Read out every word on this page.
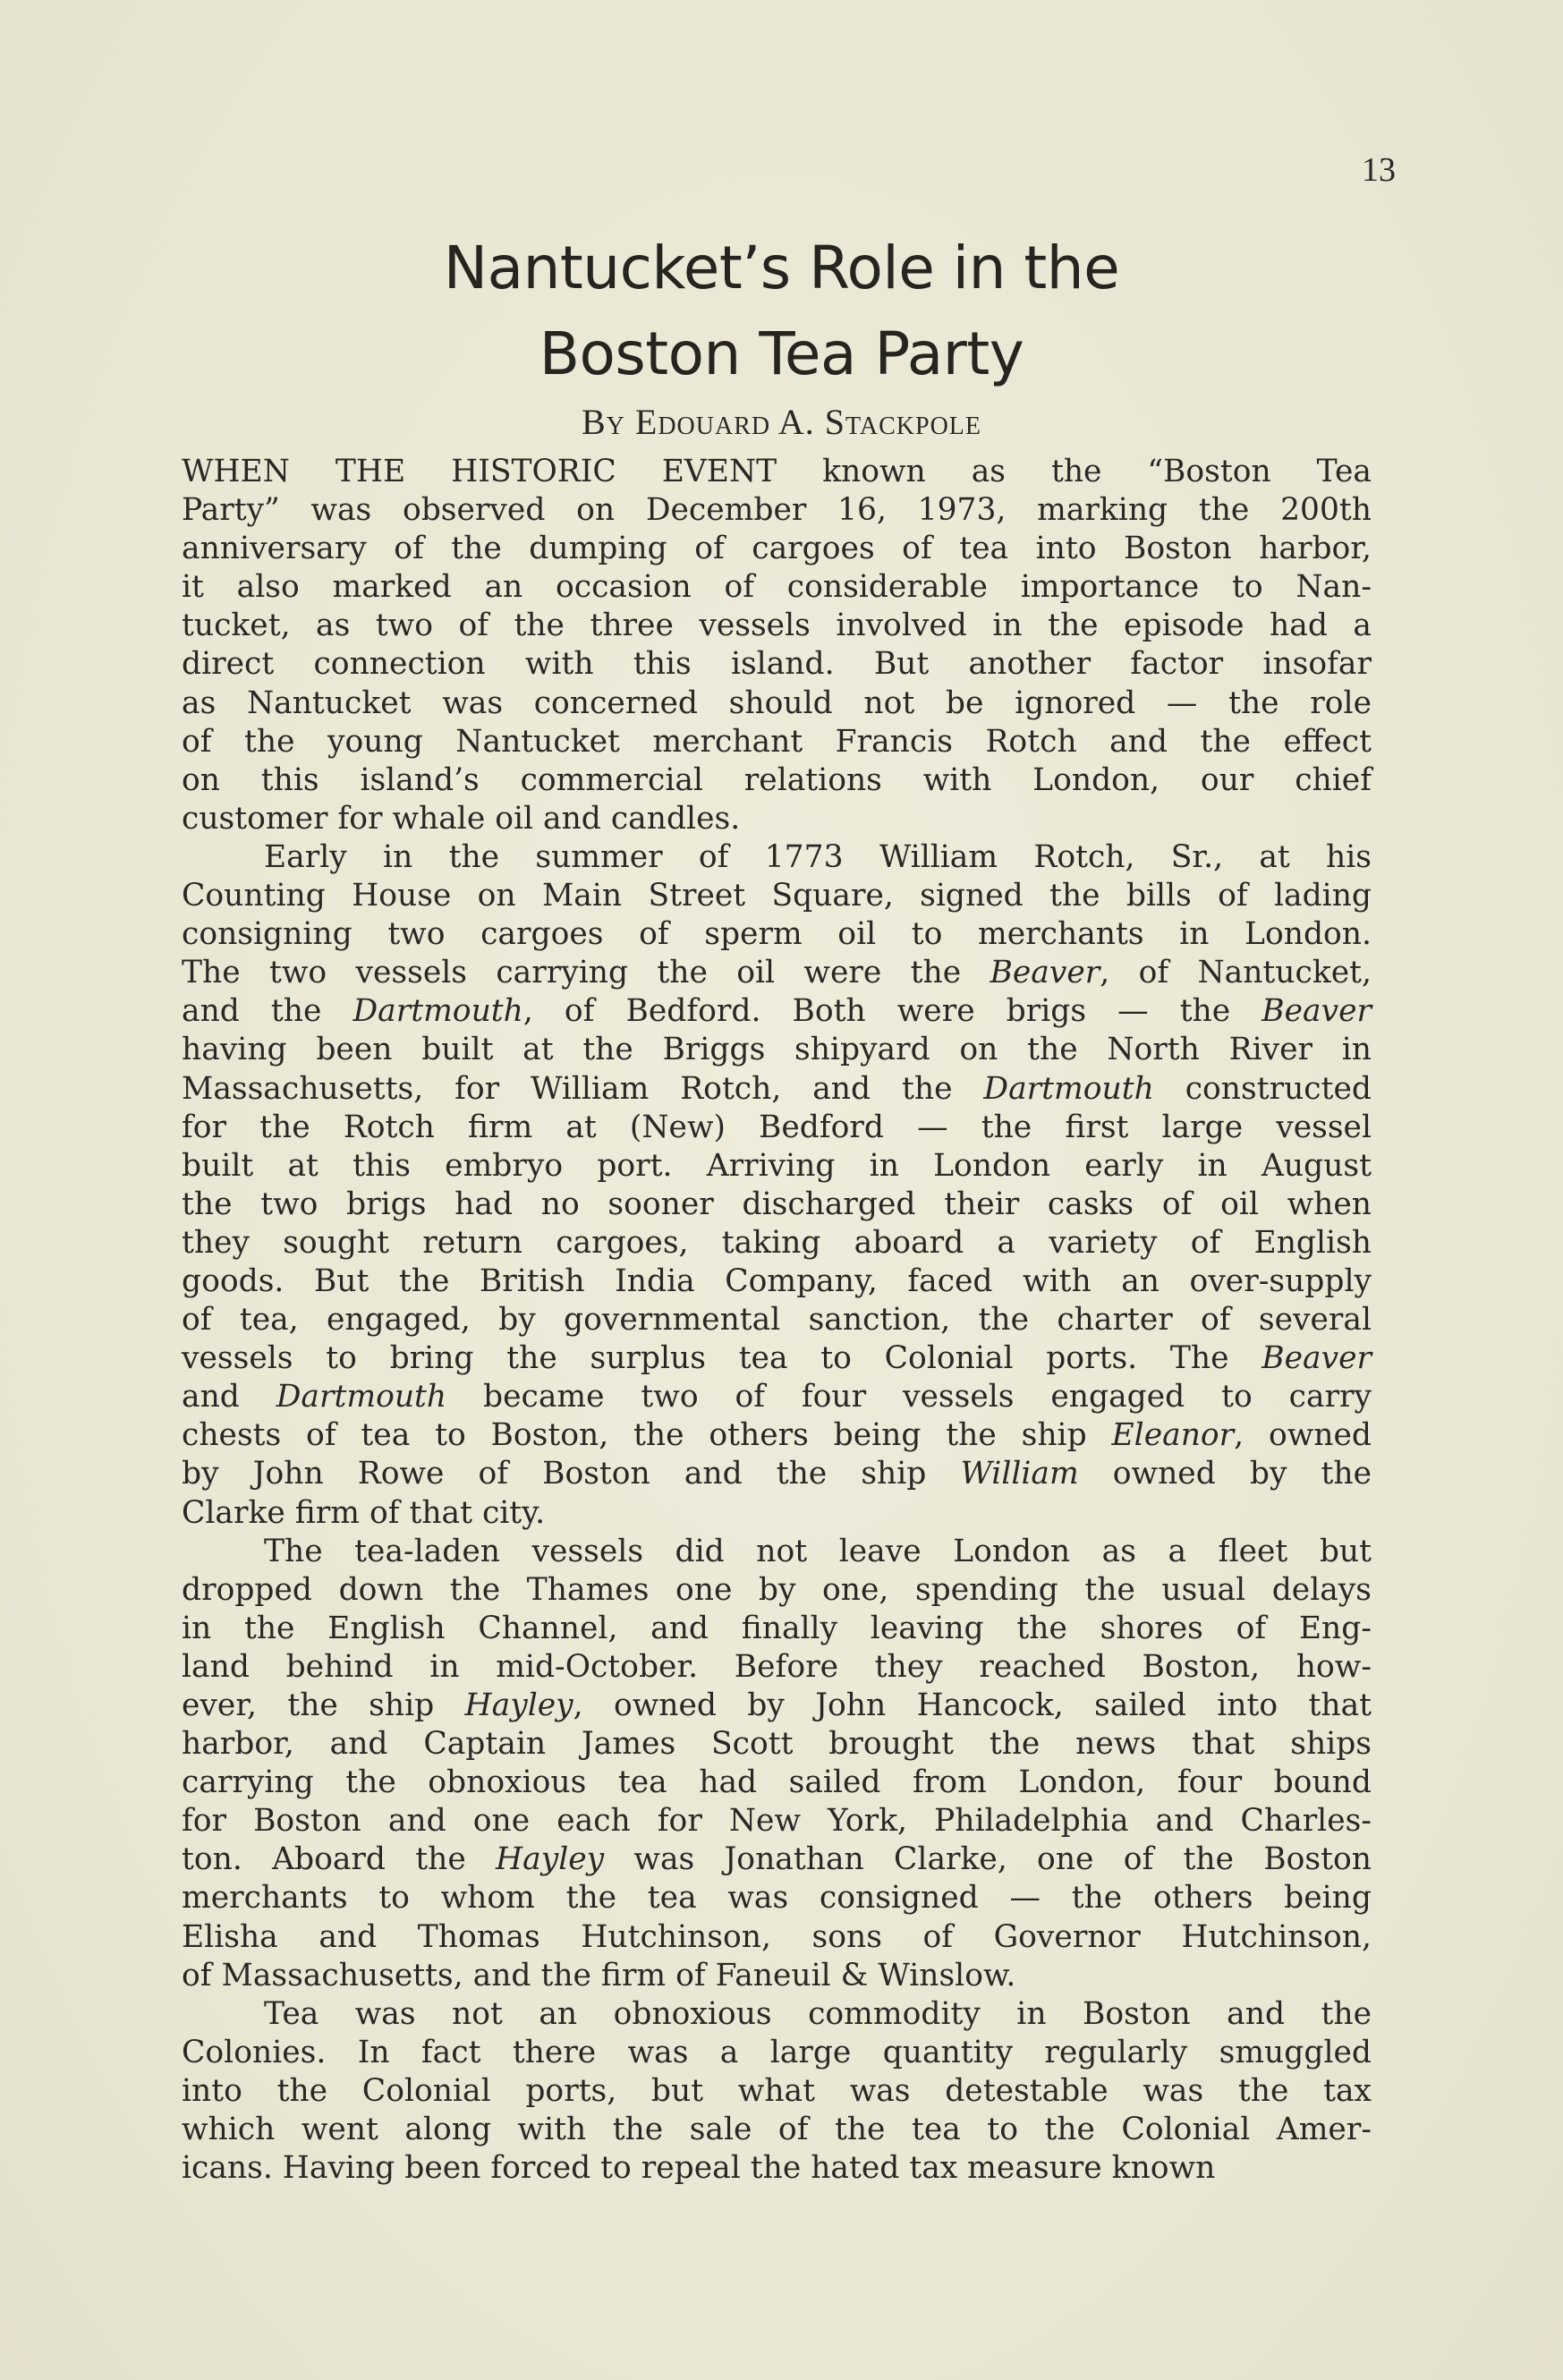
13
Nantucket’s Role in the
Boston Tea Party
By Edouard A. Stackpole

WHEN THE HISTORIC EVENT known as the “Boston Tea
Party” was observed on December 16, 1973, marking the 200th
anniversary of the dumping of cargoes of tea into Boston harbor,
it also marked an occasion of considerable importance to Nan-
tucket, as two of the three vessels involved in the episode had a
direct connection with this island. But another factor insofar
as Nantucket was concerned should not be ignored — the role
of the young Nantucket merchant Francis Rotch and the effect
on this island’s commercial relations with London, our chief
customer for whale oil and candles.

Early in the summer of 1773 William Rotch, Sr., at his
Counting House on Main Street Square, signed the bills of lading
consigning two cargoes of sperm oil to merchants in London.
The two vessels carrying the oil were the Beaver, of Nantucket,
and the Dartmouth, of Bedford. Both were brigs — the Beaver
having been built at the Briggs shipyard on the North River in
Massachusetts, for William Rotch, and the Dartmouth constructed
for the Rotch firm at (New) Bedford — the first large vessel
built at this embryo port. Arriving in London early in August
the two brigs had no sooner discharged their casks of oil when
they sought return cargoes, taking aboard a variety of English
goods. But the British India Company, faced with an over-supply
of tea, engaged, by governmental sanction, the charter of several
vessels to bring the surplus tea to Colonial ports. The Beaver
and Dartmouth became two of four vessels engaged to carry
chests of tea to Boston, the others being the ship Eleanor, owned
by John Rowe of Boston and the ship William owned by the
Clarke firm of that city.

The tea-laden vessels did not leave London as a fleet but
dropped down the Thames one by one, spending the usual delays
in the English Channel, and finally leaving the shores of Eng-
land behind in mid-October. Before they reached Boston, how-
ever, the ship Hayley, owned by John Hancock, sailed into that
harbor, and Captain James Scott brought the news that ships
carrying the obnoxious tea had sailed from London, four bound
for Boston and one each for New York, Philadelphia and Charles-
ton. Aboard the Hayley was Jonathan Clarke, one of the Boston
merchants to whom the tea was consigned — the others being
Elisha and Thomas Hutchinson, sons of Governor Hutchinson,
of Massachusetts, and the firm of Faneuil & Winslow.

Tea was not an obnoxious commodity in Boston and the
Colonies. In fact there was a large quantity regularly smuggled
into the Colonial ports, but what was detestable was the tax
which went along with the sale of the tea to the Colonial Amer-
icans. Having been forced to repeal the hated tax measure known
